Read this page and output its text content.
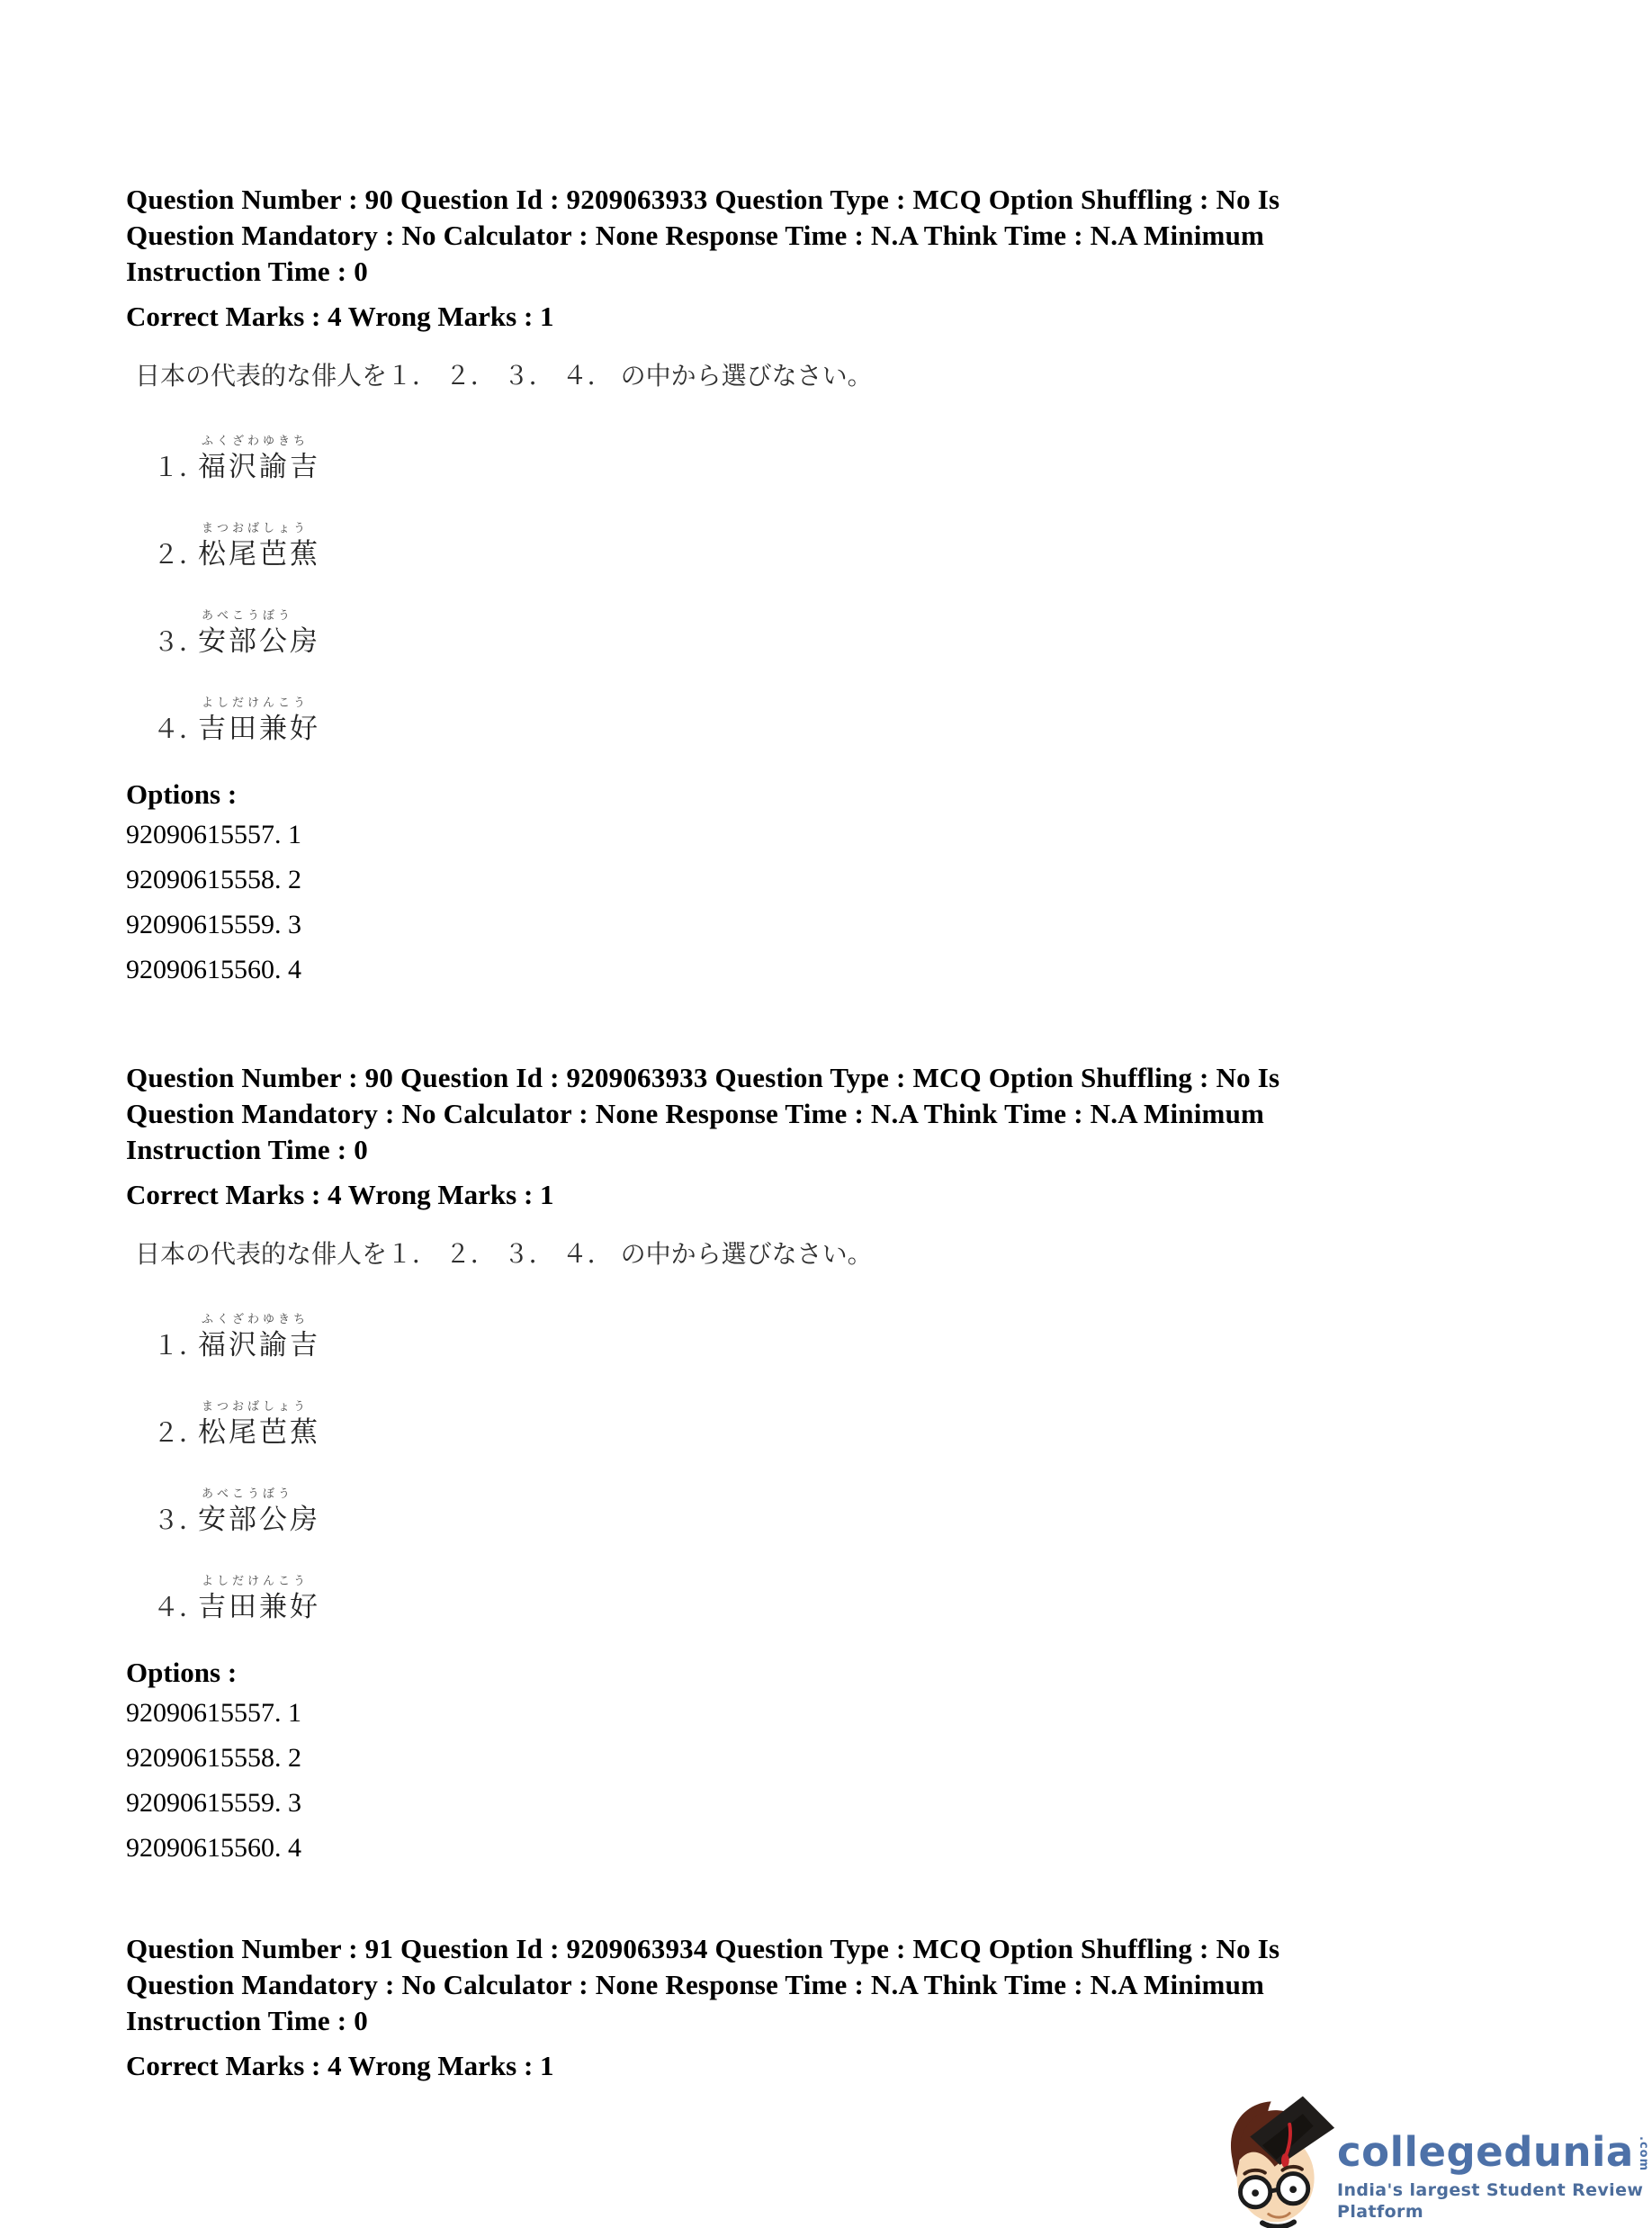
Question Number : 90 Question Id : 9209063933 Question Type : MCQ Option Shuffling : No Is
Question Mandatory : No Calculator : None Response Time : N.A Think Time : N.A Minimum
Instruction Time : 0
Correct Marks : 4 Wrong Marks : 1
日本の代表的な俳人を１． ２． ３． ４． の中から選びなさい。
１．
ふくざわゆきち
福沢諭吉
２．
まつおばしょう
松尾芭蕉
３．
あべこうぼう
安部公房
４．
よしだけんこう
吉田兼好
Options :
92090615557. 1
92090615558. 2
92090615559. 3
92090615560. 4
Question Number : 90 Question Id : 9209063933 Question Type : MCQ Option Shuffling : No Is
Question Mandatory : No Calculator : None Response Time : N.A Think Time : N.A Minimum
Instruction Time : 0
Correct Marks : 4 Wrong Marks : 1
日本の代表的な俳人を１． ２． ３． ４． の中から選びなさい。
１．
ふくざわゆきち
福沢諭吉
２．
まつおばしょう
松尾芭蕉
３．
あべこうぼう
安部公房
４．
よしだけんこう
吉田兼好
Options :
92090615557. 1
92090615558. 2
92090615559. 3
92090615560. 4
Question Number : 91 Question Id : 9209063934 Question Type : MCQ Option Shuffling : No Is
Question Mandatory : No Calculator : None Response Time : N.A Think Time : N.A Minimum
Instruction Time : 0
Correct Marks : 4 Wrong Marks : 1
collegedunia .com
India's largest Student Review Platform
